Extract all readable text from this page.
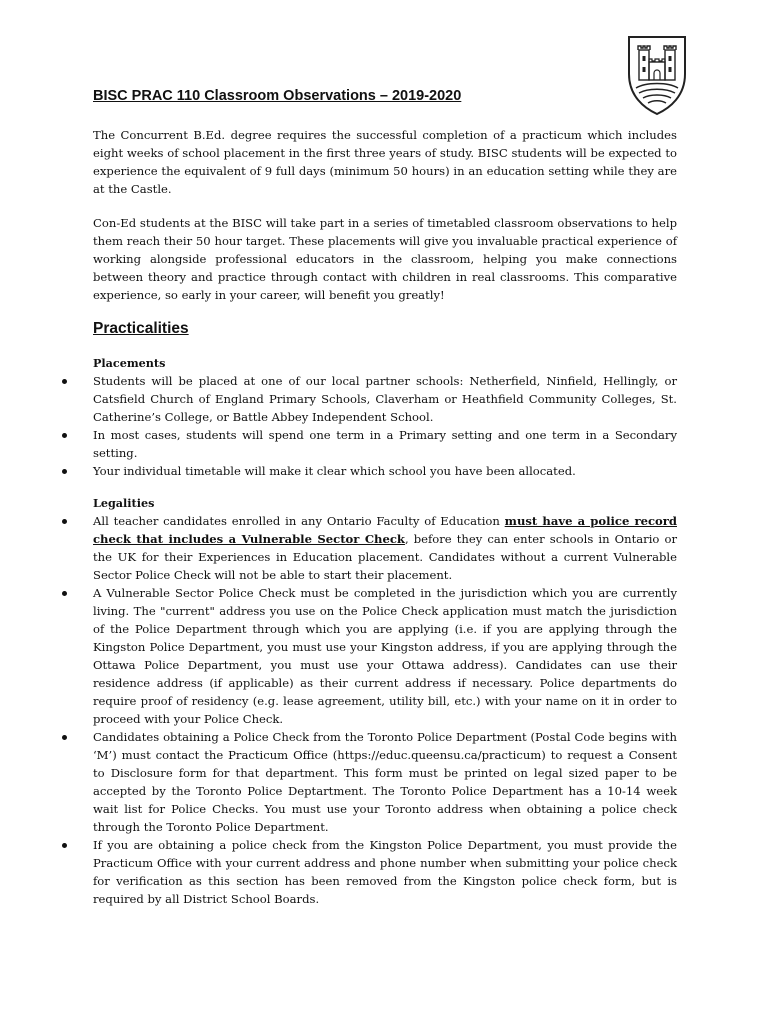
BISC PRAC 110 Classroom Observations – 2019-2020

The Concurrent B.Ed. degree requires the successful completion of a practicum which includes eight weeks of school placement in the first three years of study. BISC students will be expected to experience the equivalent of 9 full days (minimum 50 hours) in an education setting while they are at the Castle.

Con-Ed students at the BISC will take part in a series of timetabled classroom observations to help them reach their 50 hour target. These placements will give you invaluable practical experience of working alongside professional educators in the classroom, helping you make connections between theory and practice through contact with children in real classrooms. This comparative experience, so early in your career, will benefit you greatly!

Practicalities
Placements
Students will be placed at one of our local partner schools: Netherfield, Ninfield, Hellingly, or Catsfield Church of England Primary Schools, Claverham or Heathfield Community Colleges, St. Catherine’s College, or Battle Abbey Independent School.
In most cases, students will spend one term in a Primary setting and one term in a Secondary setting.
Your individual timetable will make it clear which school you have been allocated.
Legalities
All teacher candidates enrolled in any Ontario Faculty of Education must have a police record check that includes a Vulnerable Sector Check, before they can enter schools in Ontario or the UK for their Experiences in Education placement. Candidates without a current Vulnerable Sector Police Check will not be able to start their placement.
A Vulnerable Sector Police Check must be completed in the jurisdiction which you are currently living. The "current" address you use on the Police Check application must match the jurisdiction of the Police Department through which you are applying (i.e. if you are applying through the Kingston Police Department, you must use your Kingston address, if you are applying through the Ottawa Police Department, you must use your Ottawa address). Candidates can use their residence address (if applicable) as their current address if necessary. Police departments do require proof of residency (e.g. lease agreement, utility bill, etc.) with your name on it in order to proceed with your Police Check.
Candidates obtaining a Police Check from the Toronto Police Department (Postal Code begins with ‘M’) must contact the Practicum Office (https://educ.queensu.ca/practicum) to request a Consent to Disclosure form for that department. This form must be printed on legal sized paper to be accepted by the Toronto Police Deptartment. The Toronto Police Department has a 10-14 week wait list for Police Checks. You must use your Toronto address when obtaining a police check through the Toronto Police Department.
If you are obtaining a police check from the Kingston Police Department, you must provide the Practicum Office with your current address and phone number when submitting your police check for verification as this section has been removed from the Kingston police check form, but is required by all District School Boards.
